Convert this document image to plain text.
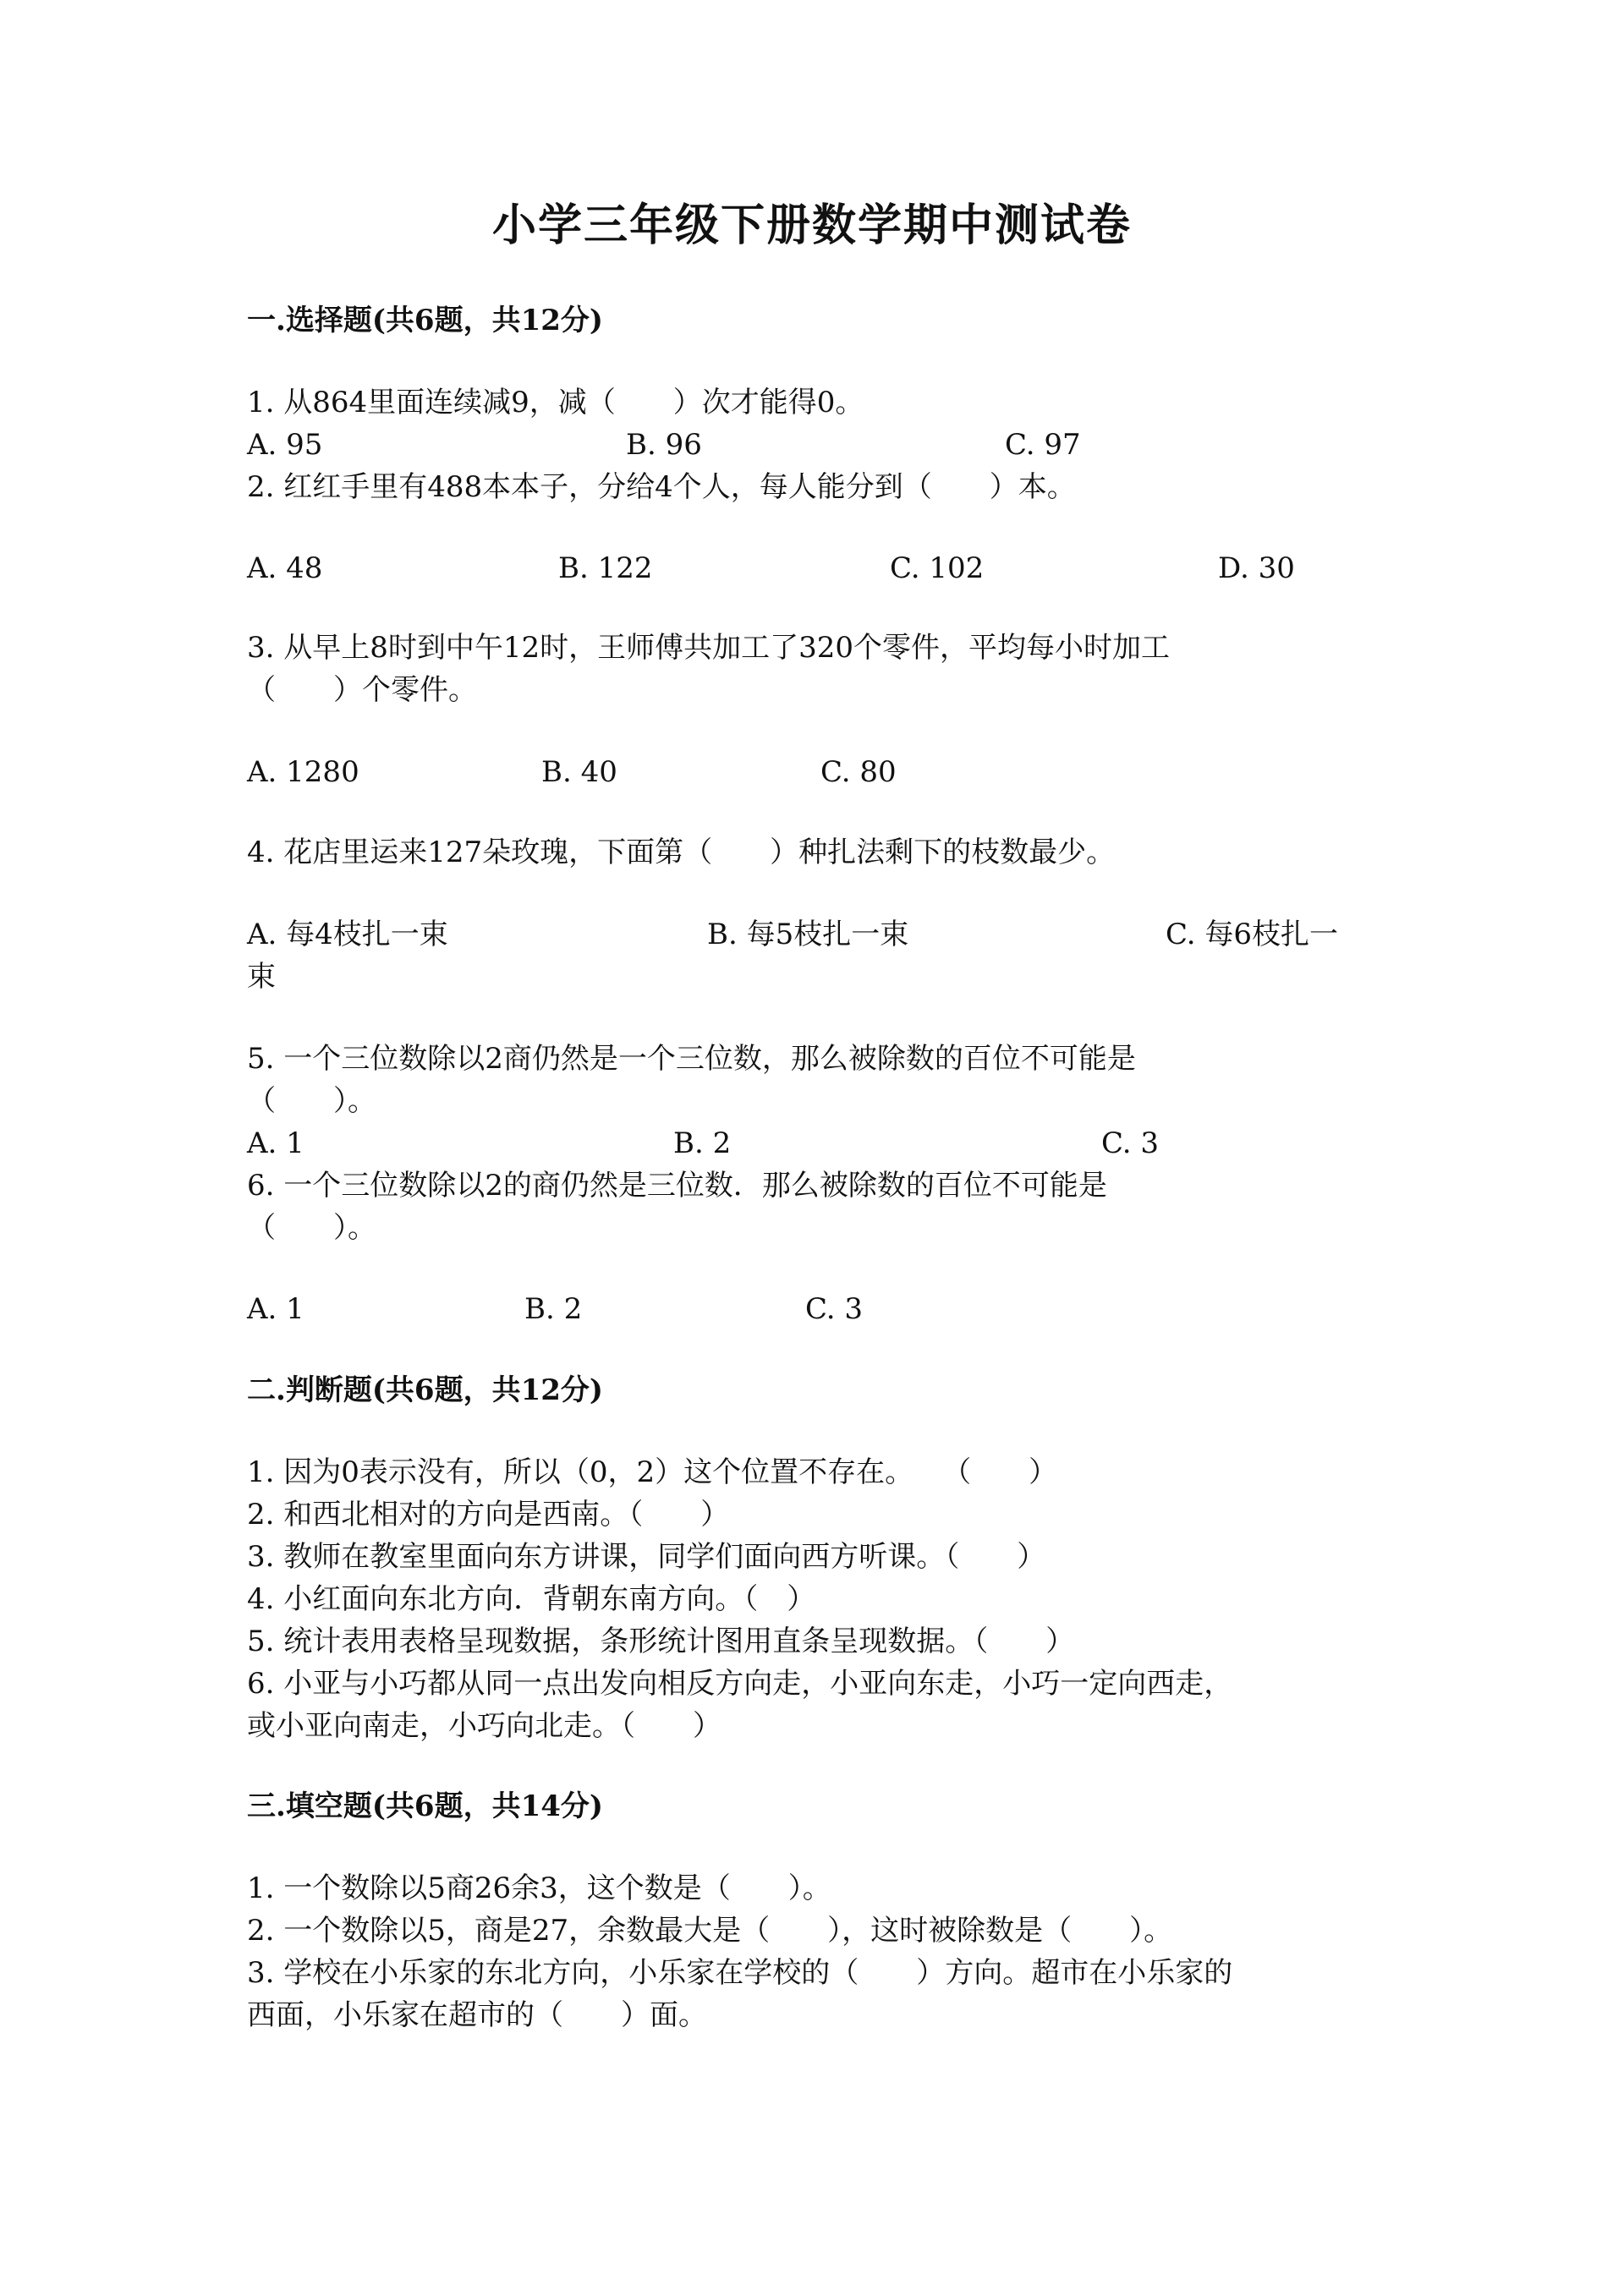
小学三年级下册数学期中测试卷
一.选择题(共6题，共12分)
1. 从864里面连续减9，减（　　）次才能得0。
A. 95	B. 96	C. 97
2. 红红手里有488本本子，分给4个人，每人能分到（　　）本。
A. 48	B. 122	C. 102	D. 30
3. 从早上8时到中午12时，王师傅共加工了320个零件，平均每小时加工
（　　）个零件。
A. 1280	B. 40	C. 80
4. 花店里运来127朵玫瑰，下面第（　　）种扎法剩下的枝数最少。
A. 每4枝扎一束	B. 每5枝扎一束	C. 每6枝扎一
束
5. 一个三位数除以2商仍然是一个三位数，那么被除数的百位不可能是
（　　）。
A. 1	B. 2	C. 3
6. 一个三位数除以2的商仍然是三位数．那么被除数的百位不可能是
（　　）。
A. 1	B. 2	C. 3
二.判断题(共6题，共12分)
1. 因为0表示没有，所以（0，2）这个位置不存在。　　（　　）
2. 和西北相对的方向是西南。（　　）
3. 教师在教室里面向东方讲课，同学们面向西方听课。（　　）
4. 小红面向东北方向．背朝东南方向。（　）
5. 统计表用表格呈现数据，条形统计图用直条呈现数据。（　　）
6. 小亚与小巧都从同一点出发向相反方向走，小亚向东走，小巧一定向西走，
或小亚向南走，小巧向北走。（　　）
三.填空题(共6题，共14分)
1. 一个数除以5商26余3，这个数是（　　）。
2. 一个数除以5，商是27，余数最大是（　　），这时被除数是（　　）。
3. 学校在小乐家的东北方向，小乐家在学校的（　　）方向。超市在小乐家的
西面，小乐家在超市的（　　）面。
